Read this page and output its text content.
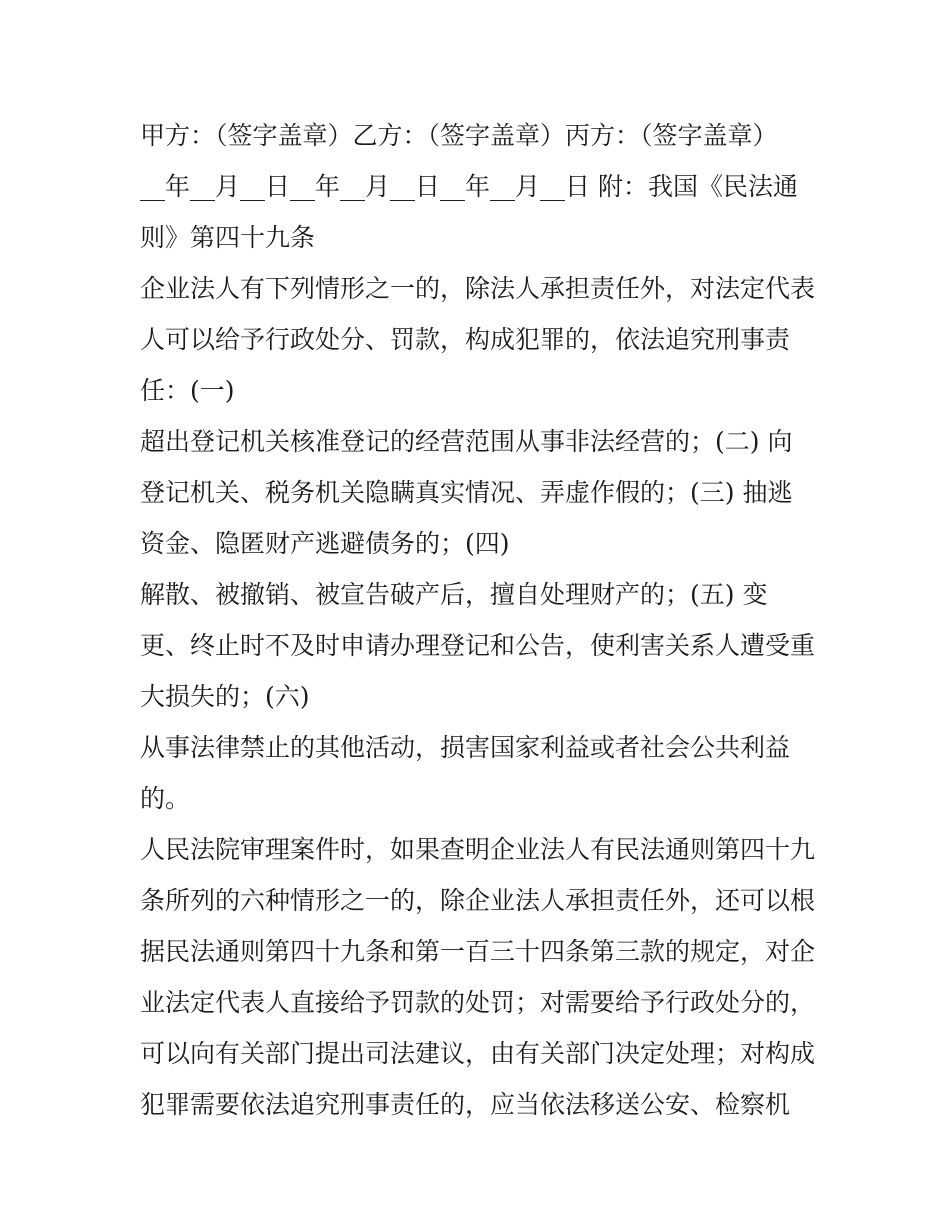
甲方：（签字盖章）乙方：（签字盖章）丙方：（签字盖章）
__年__月__日__年__月__日__年__月__日 附：我国《民法通
则》第四十九条
企业法人有下列情形之一的，除法人承担责任外，对法定代表
人可以给予行政处分、罚款，构成犯罪的，依法追究刑事责
任：(一)
超出登记机关核准登记的经营范围从事非法经营的；(二) 向
登记机关、税务机关隐瞒真实情况、弄虚作假的；(三) 抽逃
资金、隐匿财产逃避债务的；(四)
解散、被撤销、被宣告破产后，擅自处理财产的；(五) 变
更、终止时不及时申请办理登记和公告，使利害关系人遭受重
大损失的；(六)
从事法律禁止的其他活动，损害国家利益或者社会公共利益
的。
人民法院审理案件时，如果查明企业法人有民法通则第四十九
条所列的六种情形之一的，除企业法人承担责任外，还可以根
据民法通则第四十九条和第一百三十四条第三款的规定，对企
业法定代表人直接给予罚款的处罚；对需要给予行政处分的，
可以向有关部门提出司法建议，由有关部门决定处理；对构成
犯罪需要依法追究刑事责任的，应当依法移送公安、检察机
